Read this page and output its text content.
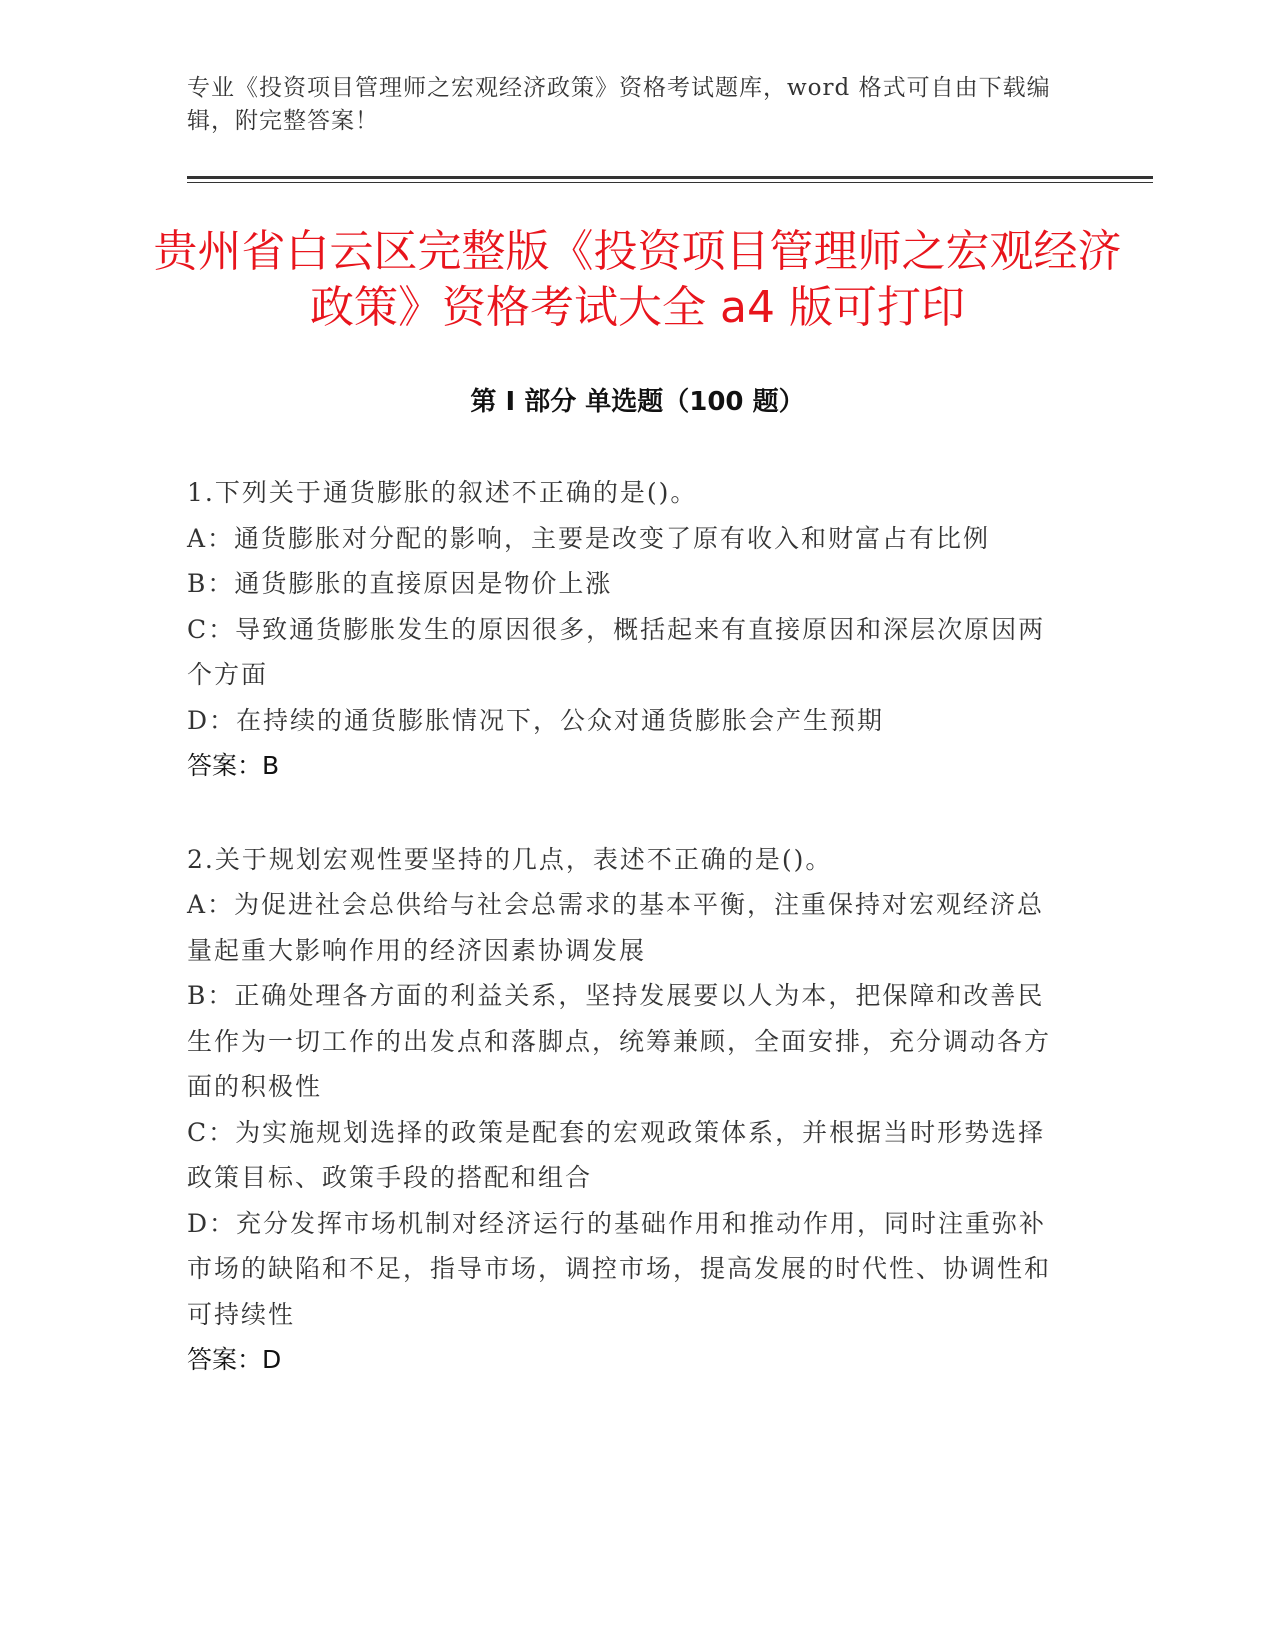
专业《投资项目管理师之宏观经济政策》资格考试题库，word 格式可自由下载编辑，附完整答案！
贵州省白云区完整版《投资项目管理师之宏观经济政策》资格考试大全 a4 版可打印
第 I 部分 单选题（100 题）
1.下列关于通货膨胀的叙述不正确的是()。
A：通货膨胀对分配的影响，主要是改变了原有收入和财富占有比例
B：通货膨胀的直接原因是物价上涨
C：导致通货膨胀发生的原因很多，概括起来有直接原因和深层次原因两个方面
D：在持续的通货膨胀情况下，公众对通货膨胀会产生预期
答案：B
2.关于规划宏观性要坚持的几点，表述不正确的是()。
A：为促进社会总供给与社会总需求的基本平衡，注重保持对宏观经济总量起重大影响作用的经济因素协调发展
B：正确处理各方面的利益关系，坚持发展要以人为本，把保障和改善民生作为一切工作的出发点和落脚点，统筹兼顾，全面安排，充分调动各方面的积极性
C：为实施规划选择的政策是配套的宏观政策体系，并根据当时形势选择政策目标、政策手段的搭配和组合
D：充分发挥市场机制对经济运行的基础作用和推动作用，同时注重弥补市场的缺陷和不足，指导市场，调控市场，提高发展的时代性、协调性和可持续性
答案：D
